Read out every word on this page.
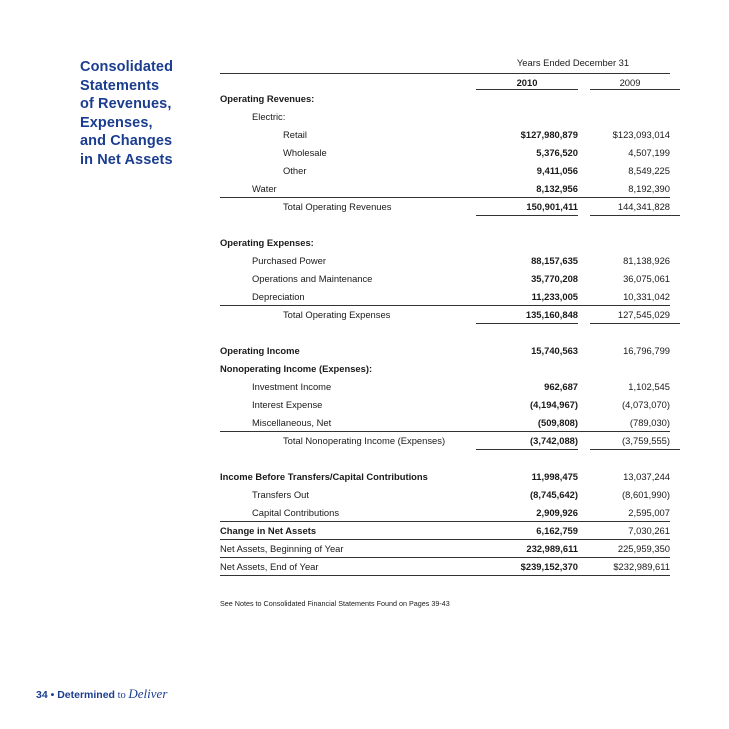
Consolidated
Statements
of Revenues,
Expenses,
and Changes
in Net Assets
Years Ended December 31
2010	2009
Operating Revenues:
Electric:
Retail	$127,980,879	$123,093,014
Wholesale	5,376,520	4,507,199
Other	9,411,056	8,549,225
Water	8,132,956	8,192,390
Total Operating Revenues	150,901,411	144,341,828
Operating Expenses:
Purchased Power	88,157,635	81,138,926
Operations and Maintenance	35,770,208	36,075,061
Depreciation	11,233,005	10,331,042
Total Operating Expenses	135,160,848	127,545,029
Operating Income	15,740,563	16,796,799
Nonoperating Income (Expenses):
Investment Income	962,687	1,102,545
Interest Expense	(4,194,967)	(4,073,070)
Miscellaneous, Net	(509,808)	(789,030)
Total Nonoperating Income (Expenses)	(3,742,088)	(3,759,555)
Income Before Transfers/Capital Contributions	11,998,475	13,037,244
Transfers Out	(8,745,642)	(8,601,990)
Capital Contributions	2,909,926	2,595,007
Change in Net Assets	6,162,759	7,030,261
Net Assets, Beginning of Year	232,989,611	225,959,350
Net Assets, End of Year	$239,152,370	$232,989,611
See Notes to Consolidated Financial Statements Found on Pages 39-43
34 • Determined to Deliver
